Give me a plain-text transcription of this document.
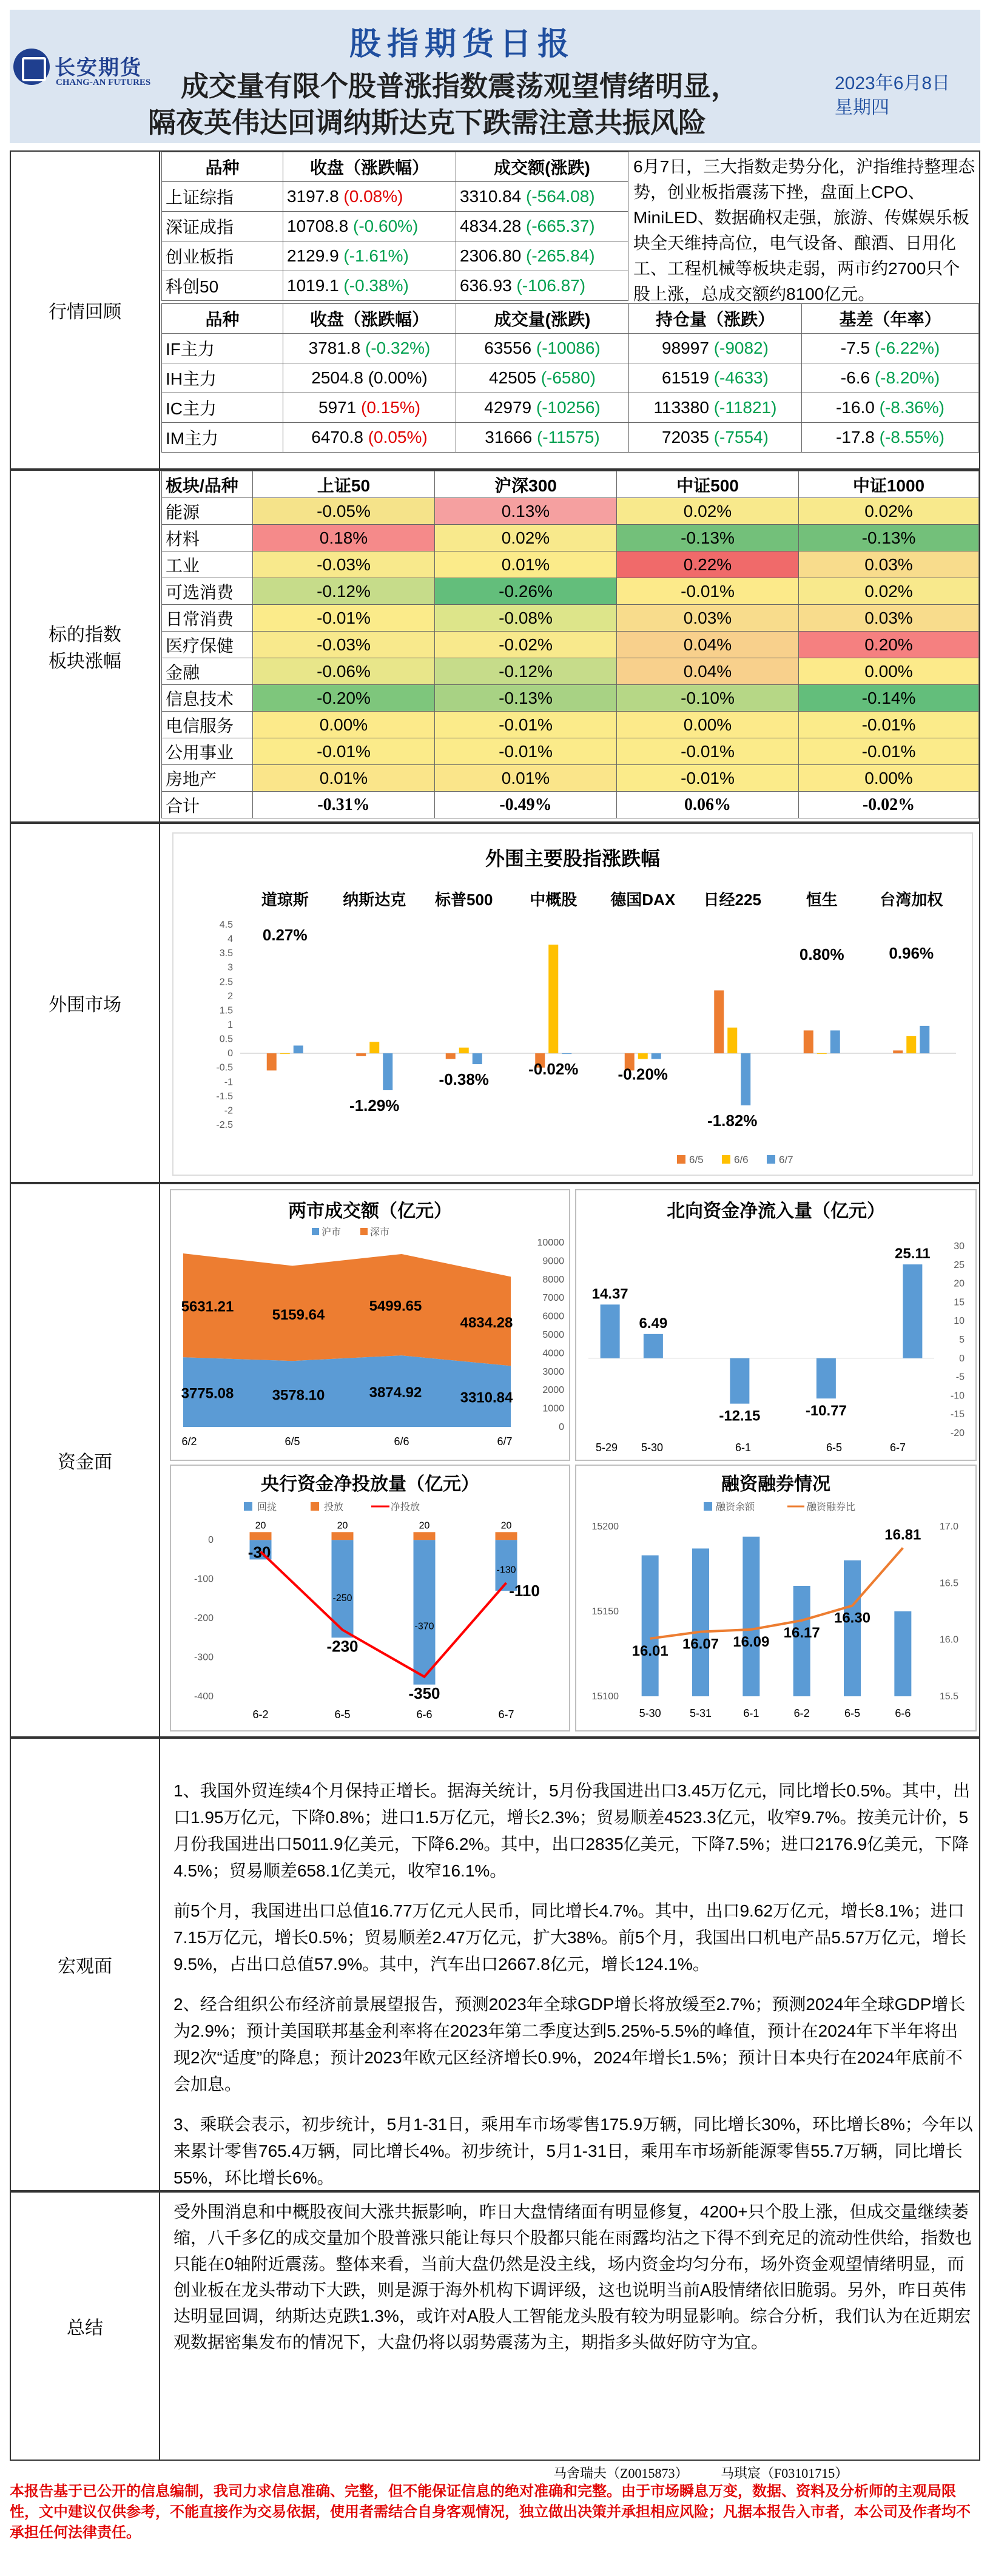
长安期货
CHANG-AN FUTURES
股指期货日报
成交量有限个股普涨指数震荡观望情绪明显，
隔夜英伟达回调纳斯达克下跌需注意共振风险
2023年6月8日
星期四
行情回顾
品种	收盘（涨跌幅）	成交额(涨跌)
上证综指	3197.8 (0.08%)	3310.84 (-564.08)
深证成指	10708.8 (-0.60%)	4834.28 (-665.37)
创业板指	2129.9 (-1.61%)	2306.80 (-265.84)
科创50	1019.1 (-0.38%)	636.93 (-106.87)
6月7日，三大指数走势分化，沪指维持整理态势，创业板指震荡下挫，盘面上CPO、MiniLED、数据确权走强，旅游、传媒娱乐板块全天维持高位，电气设备、酿酒、日用化工、工程机械等板块走弱，两市约2700只个股上涨，总成交额约8100亿元。
品种	收盘（涨跌幅）	成交量(涨跌)	持仓量（涨跌）	基差（年率）
IF主力	3781.8 (-0.32%)	63556 (-10086)	98997 (-9082)	-7.5 (-6.22%)
IH主力	2504.8 (0.00%)	42505 (-6580)	61519 (-4633)	-6.6 (-8.20%)
IC主力	5971 (0.15%)	42979 (-10256)	113380 (-11821)	-16.0 (-8.36%)
IM主力	6470.8 (0.05%)	31666 (-11575)	72035 (-7554)	-17.8 (-8.55%)
标的指数板块涨幅
板块/品种	上证50	沪深300	中证500	中证1000
能源	-0.05%	0.13%	0.02%	0.02%
材料	0.18%	0.02%	-0.13%	-0.13%
工业	-0.03%	0.01%	0.22%	0.03%
可选消费	-0.12%	-0.26%	-0.01%	0.02%
日常消费	-0.01%	-0.08%	0.03%	0.03%
医疗保健	-0.03%	-0.02%	0.04%	0.20%
金融	-0.06%	-0.12%	0.04%	0.00%
信息技术	-0.20%	-0.13%	-0.10%	-0.14%
电信服务	0.00%	-0.01%	0.00%	-0.01%
公用事业	-0.01%	-0.01%	-0.01%	-0.01%
房地产	0.01%	0.01%	-0.01%	0.00%
合计	-0.31%	-0.49%	0.06%	-0.02%
外围市场
外围主要股指涨跌幅
-2.5
-2
-1.5
-1
-0.5
0
0.5
1
1.5
2
2.5
3
3.5
4
4.5
道琼斯
0.27%
纳斯达克
-1.29%
标普500
-0.38%
中概股
-0.02%
德国DAX
-0.20%
日经225
-1.82%
恒生
0.80%
台湾加权
0.96%
6/5	6/6	6/7
资金面
两市成交额（亿元）
0
1000
2000
3000
4000
5000
6000
7000
8000
9000
10000
6/2	6/5	6/6	6/7
3775.08	3578.10	3874.92	3310.84
沪市
5631.21	5159.64
5499.65
4834.28
深市
北向资金净流入量（亿元）
-20
-15
-10
-5
0
5
10
15
20
25
30
14.37
6.49
-12.15	-10.77
25.11
5-29 5-30	6-1	6-5	6-7
央行资金净投放量（亿元）
回拢	投放	净投放
-400
-300
-200
-100
0
20
-30
6-2
20
-250
-230
6-5
20
-370
-350
6-6
20
-130
-110
6-7
融资融券情况
融资余额	融资融券比
15100
15150
15200
15.5
16.0
16.5
17.0
16.01
5-30
16.07
5-31
16.09
6-1
16.17
6-2
16.30
6-5
16.81
6-6
宏观面

1、我国外贸连续4个月保持正增长。据海关统计，5月份我国进出口3.45万亿元，同比增长0.5%。其中，出口1.95万亿元，下降0.8%；进口1.5万亿元，增长2.3%；贸易顺差4523.3亿元，收窄9.7%。按美元计价，5月份我国进出口5011.9亿美元，下降6.2%。其中，出口2835亿美元，下降7.5%；进口2176.9亿美元，下降4.5%；贸易顺差658.1亿美元，收窄16.1%。

前5个月，我国进出口总值16.77万亿元人民币，同比增长4.7%。其中，出口9.62万亿元，增长8.1%；进口7.15万亿元，增长0.5%；贸易顺差2.47万亿元，扩大38%。前5个月，我国出口机电产品5.57万亿元，增长9.5%，占出口总值57.9%。其中，汽车出口2667.8亿元，增长124.1%。

2、经合组织公布经济前景展望报告，预测2023年全球GDP增长将放缓至2.7%；预测2024年全球GDP增长为2.9%；预计美国联邦基金利率将在2023年第二季度达到5.25%-5.5%的峰值，预计在2024年下半年将出现2次“适度”的降息；预计2023年欧元区经济增长0.9%，2024年增长1.5%；预计日本央行在2024年底前不会加息。

3、乘联会表示，初步统计，5月1-31日，乘用车市场零售175.9万辆，同比增长30%，环比增长8%；今年以来累计零售765.4万辆，同比增长4%。初步统计，5月1-31日，乘用车市场新能源零售55.7万辆，同比增长55%，环比增长6%。

总结

受外围消息和中概股夜间大涨共振影响，昨日大盘情绪面有明显修复，4200+只个股上涨，但成交量继续萎缩，八千多亿的成交量加个股普涨只能让每只个股都只能在雨露均沾之下得不到充足的流动性供给，指数也只能在0轴附近震荡。整体来看，当前大盘仍然是没主线，场内资金均匀分布，场外资金观望情绪明显，而创业板在龙头带动下大跌，则是源于海外机构下调评级，这也说明当前A股情绪依旧脆弱。另外，昨日英伟达明显回调，纳斯达克跌1.3%，或许对A股人工智能龙头股有较为明显影响。综合分析，我们认为在近期宏观数据密集发布的情况下，大盘仍将以弱势震荡为主，期指多头做好防守为宜。

马舍瑞夫（Z0015873） 马琪宸（F03101715）
本报告基于已公开的信息编制，我司力求信息准确、完整，但不能保证信息的绝对准确和完整。由于市场瞬息万变，数据、资料及分析师的主观局限性，文中建议仅供参考，不能直接作为交易依据，使用者需结合自身客观情况，独立做出决策并承担相应风险；凡据本报告入市者，本公司及作者均不承担任何法律责任。
